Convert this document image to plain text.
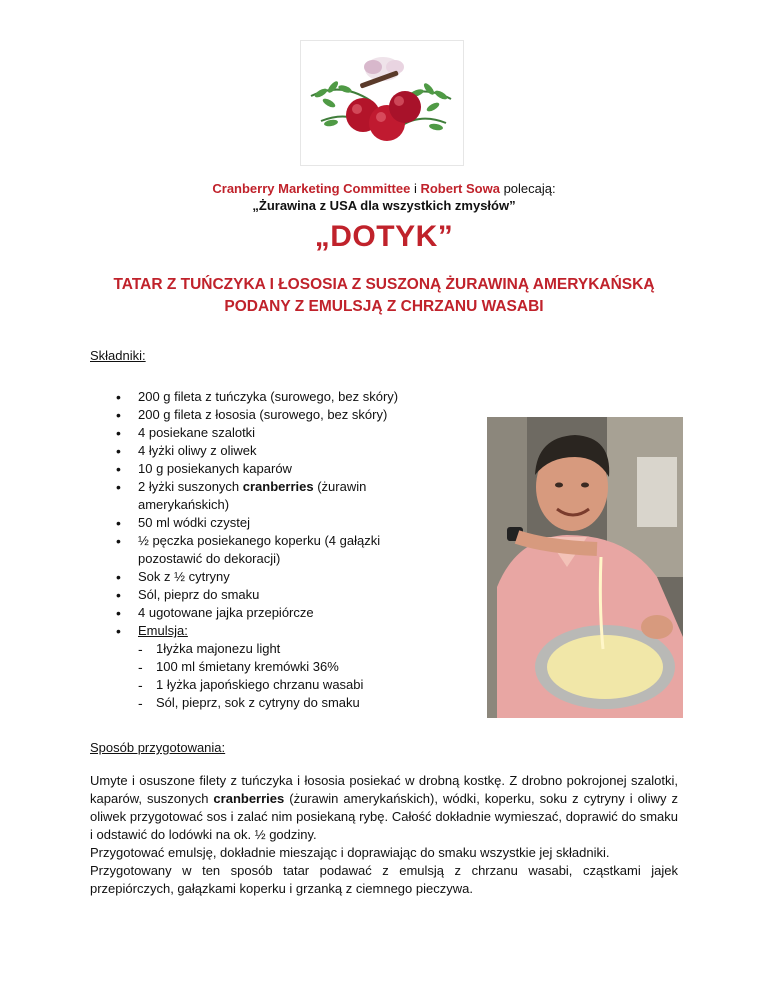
Cranberry Marketing Committee i Robert Sowa polecają:
„Żurawina z USA dla wszystkich zmysłów”
„DOTYK”
TATAR Z TUŃCZYKA I ŁOSOSIA Z SUSZONĄ ŻURAWINĄ AMERYKAŃSKĄ
PODANY Z EMULSJĄ Z CHRZANU WASABI
Składniki:
• 200 g fileta z tuńczyka (surowego, bez skóry)
• 200 g fileta z łososia (surowego, bez skóry)
• 4 posiekane szalotki
• 4 łyżki oliwy z oliwek
• 10 g posiekanych kaparów
• 2 łyżki suszonych cranberries (żurawin amerykańskich)
• 50 ml wódki czystej
• ½ pęczka posiekanego koperku (4 gałązki pozostawić do dekoracji)
• Sok z ½ cytryny
• Sól, pieprz do smaku
• 4 ugotowane jajka przepiórcze
• Emulsja:
- 1łyżka majonezu light
- 100 ml śmietany kremówki 36%
- 1 łyżka japońskiego chrzanu wasabi
- Sól, pieprz, sok z cytryny do smaku
Sposób przygotowania:

Umyte i osuszone filety z tuńczyka i łososia posiekać w drobną kostkę. Z drobno pokrojonej szalotki, kaparów, suszonych cranberries (żurawin amerykańskich), wódki, koperku, soku z cytryny i oliwy z oliwek przygotować sos i zalać nim posiekaną rybę. Całość dokładnie wymieszać, doprawić do smaku i odstawić do lodówki na ok. ½ godziny.

Przygotować emulsję, dokładnie mieszając i doprawiając do smaku wszystkie jej składniki.

Przygotowany w ten sposób tatar podawać z emulsją z chrzanu wasabi, cząstkami jajek przepiórczych, gałązkami koperku i grzanką z ciemnego pieczywa.
